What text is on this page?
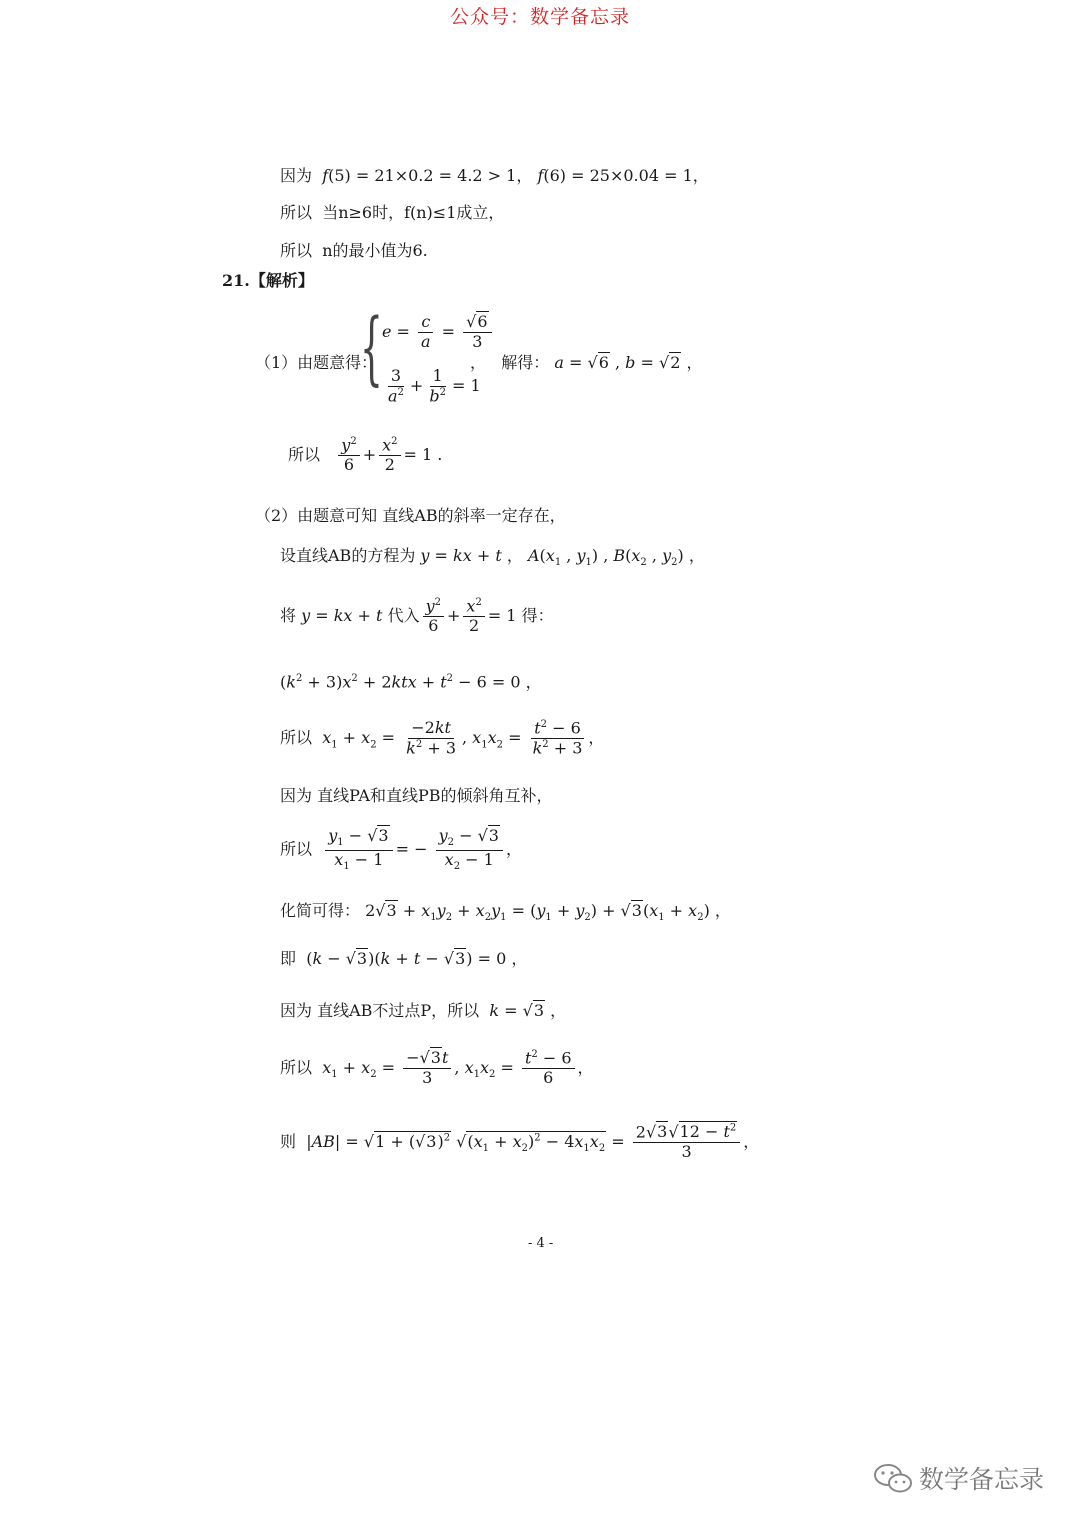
公众号：数学备忘录
因为 f(5) = 21×0.2 = 4.2 > 1， f(6) = 25×0.04 = 1，
所以 当n≥6时，f(n)≤1成立，
所以 n的最小值为6.
21.【解析】
（1）由题意得：
{ $e = \frac{c}{a} = \frac{√6}{3}$
$\frac{3}{a^2} + \frac{1}{b^2} = 1$
，   解得： a = √6 , b = √2 ，
所以 $\frac{y^2}{6} + \frac{x^2}{2} = 1$ .
（2）由题意可知 直线AB的斜率一定存在，
设直线AB的方程为 y = kx + t ， $A(x_1$ , $y_1$) , $B(x_2$ , $y_2$) ，
将 y = kx + t 代入 $\frac{y^2}{6} + \frac{x^2}{2} = 1$ 得：
$(k^2 + 3)x^2 + 2ktx + t^2 - 6 = 0$ ，
所以 $x_1 + x_2 = \frac{-2kt}{k^2 + 3}$ , $x_1x_2 = \frac{t^2 - 6}{k^2 + 3}$ ，
因为 直线PA和直线PB的倾斜角互补，
所以 $\frac{y_1 - √3}{x_1 - 1}$ = − $\frac{y_2 - √3}{x_2 - 1}$ ，
化简可得： $2√3 + x_1y_2 + x_2y_1 = (y_1 + y_2) + √3(x_1 + x_2)$ ，
即  (k − √3)(k + t − √3) = 0 ，
因为 直线AB不过点P，所以 k = √3 ，
所以 $x_1 + x_2 = \frac{-√3t}{3}$ , $x_1x_2 = \frac{t^2 - 6}{6}$ ，
则  $|AB| = √1 + (√3)^2$ $√(x_1 + x_2)^2 - 4x_1x_2 = \frac{2√3√12 - t^2}{3}$ ，
- 4 -
数学备忘录
